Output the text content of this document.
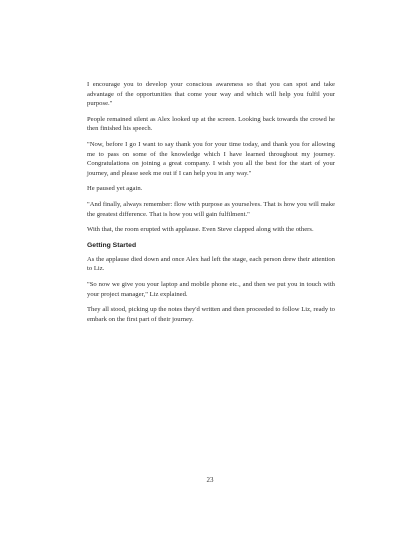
I encourage you to develop your conscious awareness so that you can spot and take advantage of the opportunities that come your way and which will help you fulfil your purpose."

People remained silent as Alex looked up at the screen. Looking back towards the crowd he then finished his speech.

"Now, before I go I want to say thank you for your time today, and thank you for allowing me to pass on some of the knowledge which I have learned throughout my journey. Congratulations on joining a great company. I wish you all the best for the start of your journey, and please seek me out if I can help you in any way."

He paused yet again.

"And finally, always remember: flow with purpose as yourselves. That is how you will make the greatest difference. That is how you will gain fulfilment."

With that, the room erupted with applause. Even Steve clapped along with the others.

Getting Started

As the applause died down and once Alex had left the stage, each person drew their attention to Liz.

"So now we give you your laptop and mobile phone etc., and then we put you in touch with your project manager," Liz explained.

They all stood, picking up the notes they'd written and then proceeded to follow Liz, ready to embark on the first part of their journey.

23
